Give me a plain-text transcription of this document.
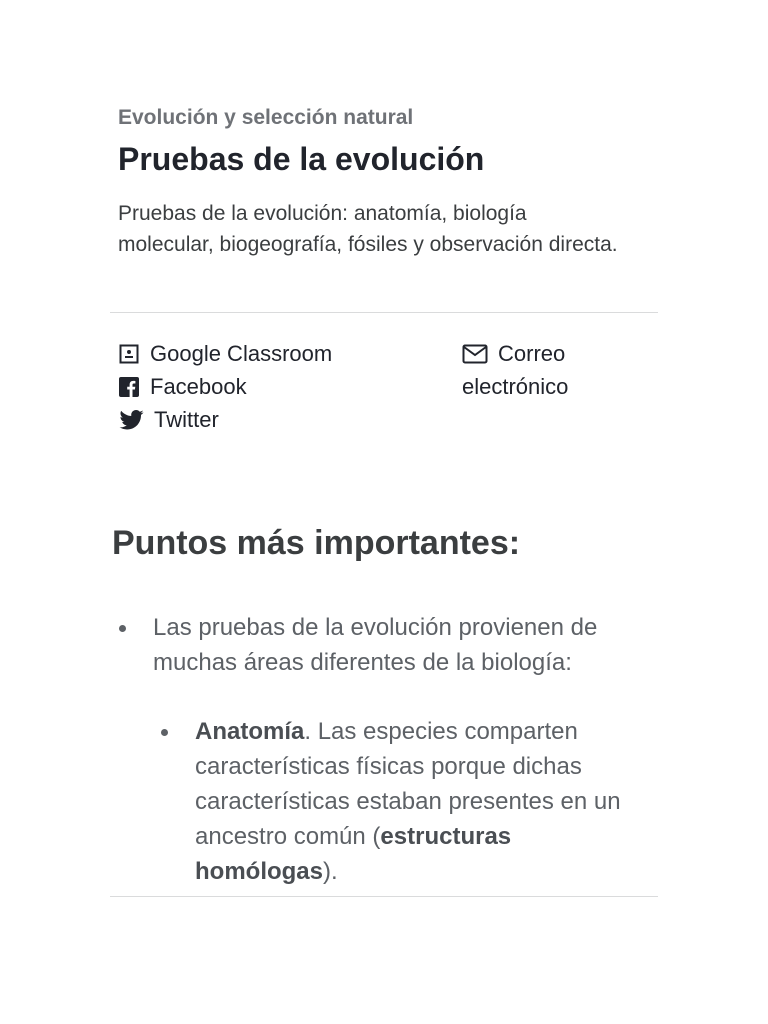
Evolución y selección natural
Pruebas de la evolución

Pruebas de la evolución: anatomía, biología molecular, biogeografía, fósiles y observación directa.

Google Classroom
Facebook
Twitter
Correo
electrónico
Puntos más importantes:
Las pruebas de la evolución provienen de muchas áreas diferentes de la biología:
Anatomía. Las especies comparten características físicas porque dichas características estaban presentes en un ancestro común (estructuras homólogas).
